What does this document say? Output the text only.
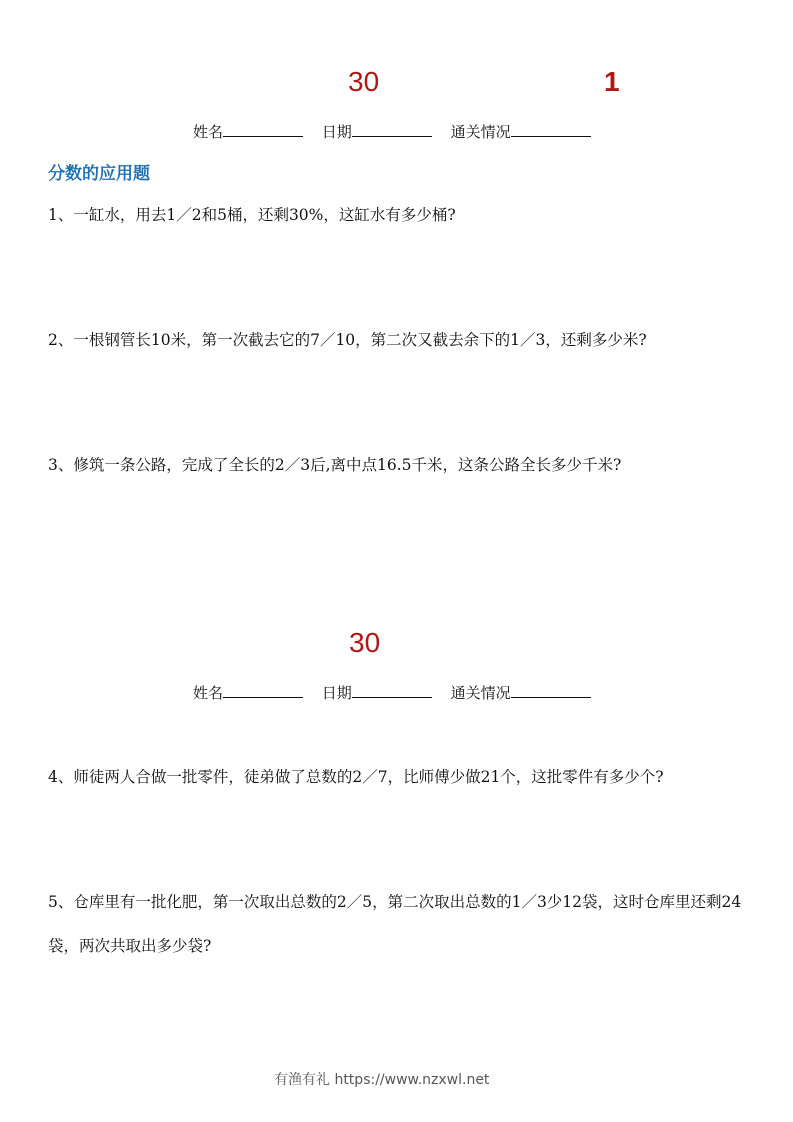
30	1
姓名	日期	通关情况
分数的应用题
1、一缸水，用去1／2和5桶，还剩30%，这缸水有多少桶?
2、一根钢管长10米，第一次截去它的7／10，第二次又截去余下的1／3，还剩多少米?
3、修筑一条公路，完成了全长的2／3后,离中点16.5千米，这条公路全长多少千米?
30
姓名	日期	通关情况
4、师徒两人合做一批零件，徒弟做了总数的2／7，比师傅少做21个，这批零件有多少个?
5、仓库里有一批化肥，第一次取出总数的2／5，第二次取出总数的1／3少12袋，这时仓库里还剩24袋，两次共取出多少袋?
有渔有礼 https://www.nzxwl.net
